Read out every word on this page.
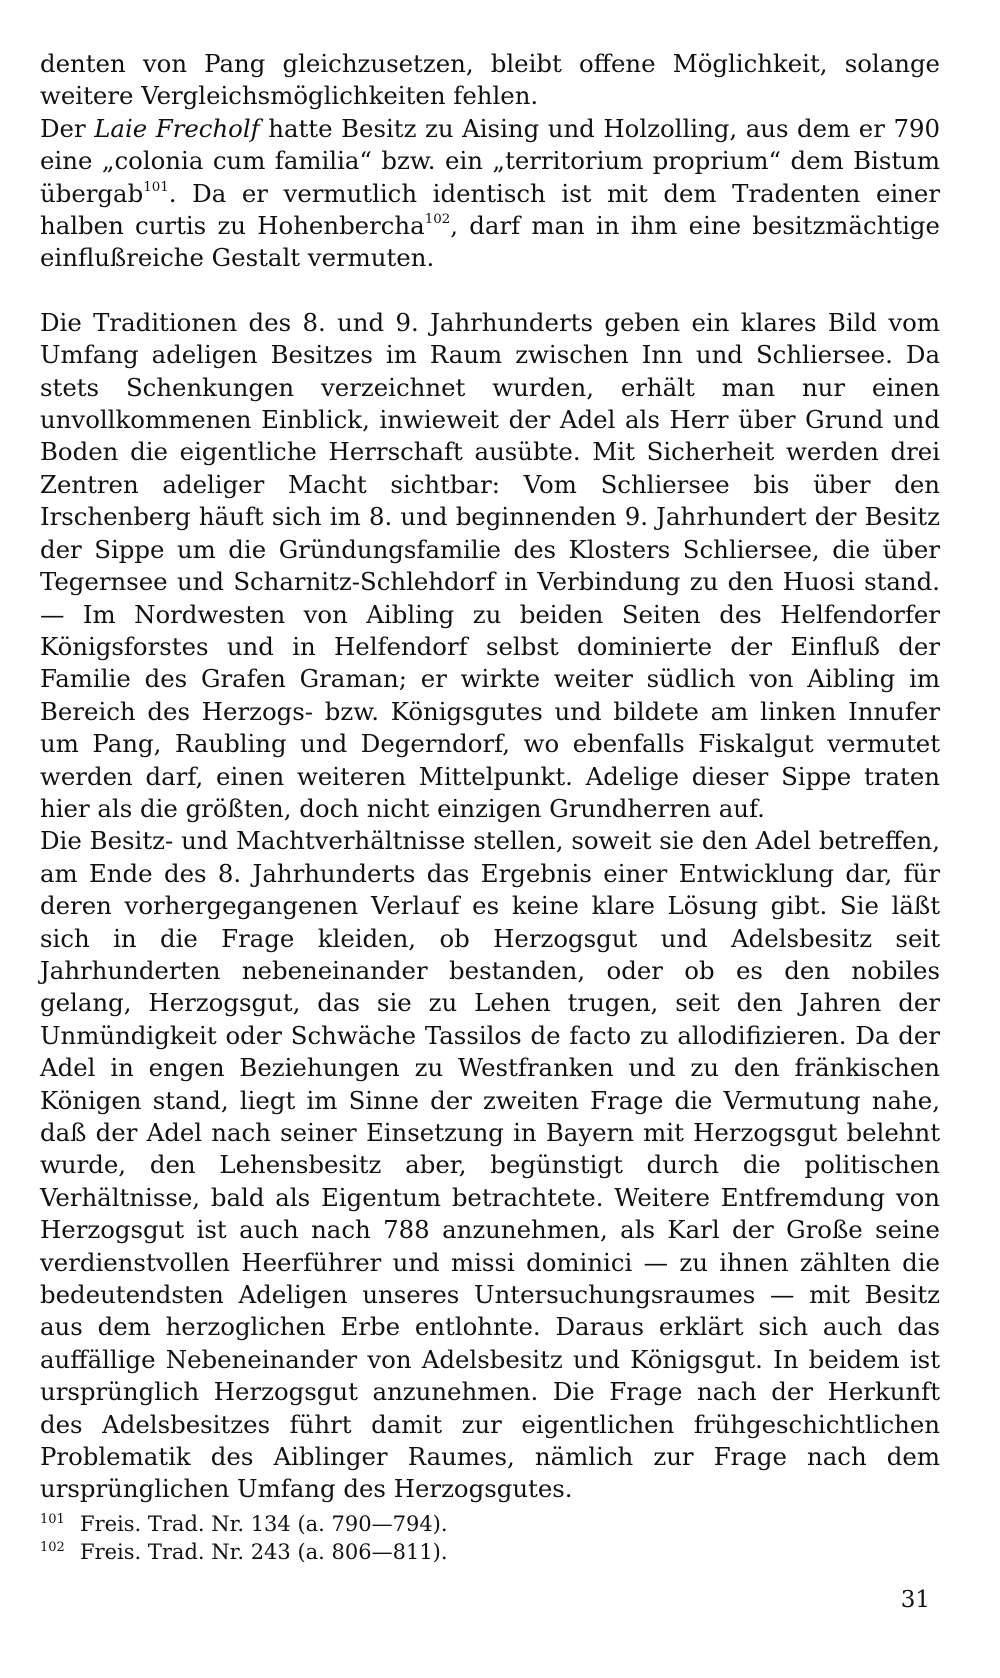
denten von Pang gleichzusetzen, bleibt offene Möglichkeit, solange weitere Vergleichsmöglichkeiten fehlen.

Der Laie Frecholf hatte Besitz zu Aising und Holzolling, aus dem er 790 eine „colonia cum familia“ bzw. ein „territorium proprium“ dem Bistum übergab$^{101}$. Da er vermutlich identisch ist mit dem Tradenten einer halben curtis zu Hohenbercha$^{102}$, darf man in ihm eine besitzmächtige einflußreiche Gestalt vermuten.

Die Traditionen des 8. und 9. Jahrhunderts geben ein klares Bild vom Umfang adeligen Besitzes im Raum zwischen Inn und Schliersee. Da stets Schenkungen verzeichnet wurden, erhält man nur einen unvollkommenen Einblick, inwieweit der Adel als Herr über Grund und Boden die eigentliche Herrschaft ausübte. Mit Sicherheit werden drei Zentren adeliger Macht sichtbar: Vom Schliersee bis über den Irschenberg häuft sich im 8. und beginnenden 9. Jahrhundert der Besitz der Sippe um die Gründungsfamilie des Klosters Schliersee, die über Tegernsee und Scharnitz-Schlehdorf in Verbindung zu den Huosi stand. — Im Nordwesten von Aibling zu beiden Seiten des Helfendorfer Königsforstes und in Helfendorf selbst dominierte der Einfluß der Familie des Grafen Graman; er wirkte weiter südlich von Aibling im Bereich des Herzogs- bzw. Königsgutes und bildete am linken Innufer um Pang, Raubling und Degerndorf, wo ebenfalls Fiskalgut vermutet werden darf, einen weiteren Mittelpunkt. Adelige dieser Sippe traten hier als die größten, doch nicht einzigen Grundherren auf.

Die Besitz- und Machtverhältnisse stellen, soweit sie den Adel betreffen, am Ende des 8. Jahrhunderts das Ergebnis einer Entwicklung dar, für deren vorhergegangenen Verlauf es keine klare Lösung gibt. Sie läßt sich in die Frage kleiden, ob Herzogsgut und Adelsbesitz seit Jahrhunderten nebeneinander bestanden, oder ob es den nobiles gelang, Herzogsgut, das sie zu Lehen trugen, seit den Jahren der Unmündigkeit oder Schwäche Tassilos de facto zu allodifizieren. Da der Adel in engen Beziehungen zu Westfranken und zu den fränkischen Königen stand, liegt im Sinne der zweiten Frage die Vermutung nahe, daß der Adel nach seiner Einsetzung in Bayern mit Herzogsgut belehnt wurde, den Lehensbesitz aber, begünstigt durch die politischen Verhältnisse, bald als Eigentum betrachtete. Weitere Entfremdung von Herzogsgut ist auch nach 788 anzunehmen, als Karl der Große seine verdienstvollen Heerführer und missi dominici — zu ihnen zählten die bedeutendsten Adeligen unseres Untersuchungsraumes — mit Besitz aus dem herzoglichen Erbe entlohnte. Daraus erklärt sich auch das auffällige Nebeneinander von Adelsbesitz und Königsgut. In beidem ist ursprünglich Herzogsgut anzunehmen. Die Frage nach der Herkunft des Adelsbesitzes führt damit zur eigentlichen frühgeschichtlichen Problematik des Aiblinger Raumes, nämlich zur Frage nach dem ursprünglichen Umfang des Herzogsgutes.

101 Freis. Trad. Nr. 134 (a. 790—794).
102 Freis. Trad. Nr. 243 (a. 806—811).
31
